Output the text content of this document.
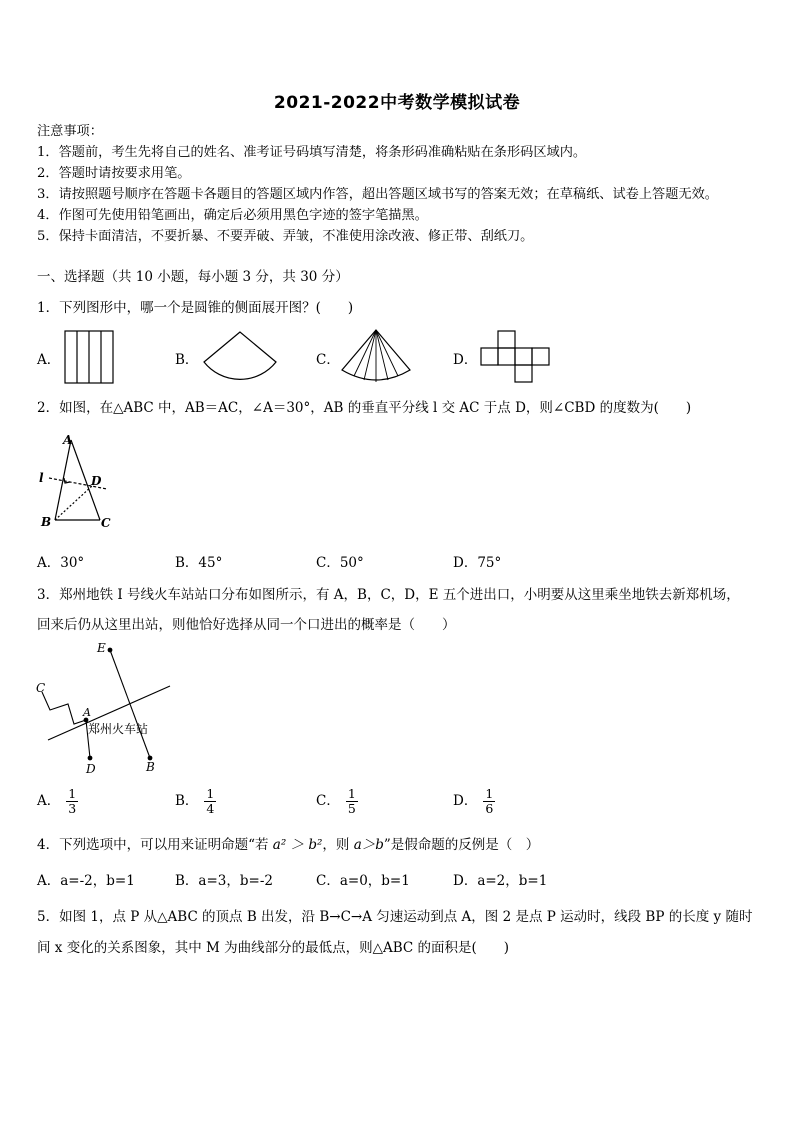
2021-2022中考数学模拟试卷
注意事项：
1．答题前，考生先将自己的姓名、准考证号码填写清楚，将条形码准确粘贴在条形码区域内。
2．答题时请按要求用笔。
3．请按照题号顺序在答题卡各题目的答题区域内作答，超出答题区域书写的答案无效；在草稿纸、试卷上答题无效。
4．作图可先使用铅笔画出，确定后必须用黑色字迹的签字笔描黑。
5．保持卡面清洁，不要折暴、不要弄破、弄皱，不准使用涂改液、修正带、刮纸刀。
一、选择题（共 10 小题，每小题 3 分，共 30 分）
1．下列图形中，哪一个是圆锥的侧面展开图？(　　)
A．	B．	C．	D．
2．如图，在△ABC 中，AB＝AC，∠A＝30°，AB 的垂直平分线 l 交 AC 于点 D，则∠CBD 的度数为(　　)
A
l	D
B	C
A．30°	B．45°	C．50°	D．75°
3．郑州地铁 I 号线火车站站口分布如图所示，有 A，B，C，D，E 五个进出口，小明要从这里乘坐地铁去新郑机场，
回来后仍从这里出站，则他恰好选择从同一个口进出的概率是（　　）
E
C
A
D	B
郑州火车站
A． $\frac{1}{3}$	B． $\frac{1}{4}$	C． $\frac{1}{5}$	D． $\frac{1}{6}$
4．下列选项中，可以用来证明命题“若 a² ＞ b²，则 a＞b”是假命题的反例是（　）
A．a=-2，b=1	B．a=3，b=-2	C．a=0，b=1	D．a=2，b=1
5．如图 1，点 P 从△ABC 的顶点 B 出发，沿 B→C→A 匀速运动到点 A，图 2 是点 P 运动时，线段 BP 的长度 y 随时
间 x 变化的关系图象，其中 M 为曲线部分的最低点，则△ABC 的面积是(　　)
